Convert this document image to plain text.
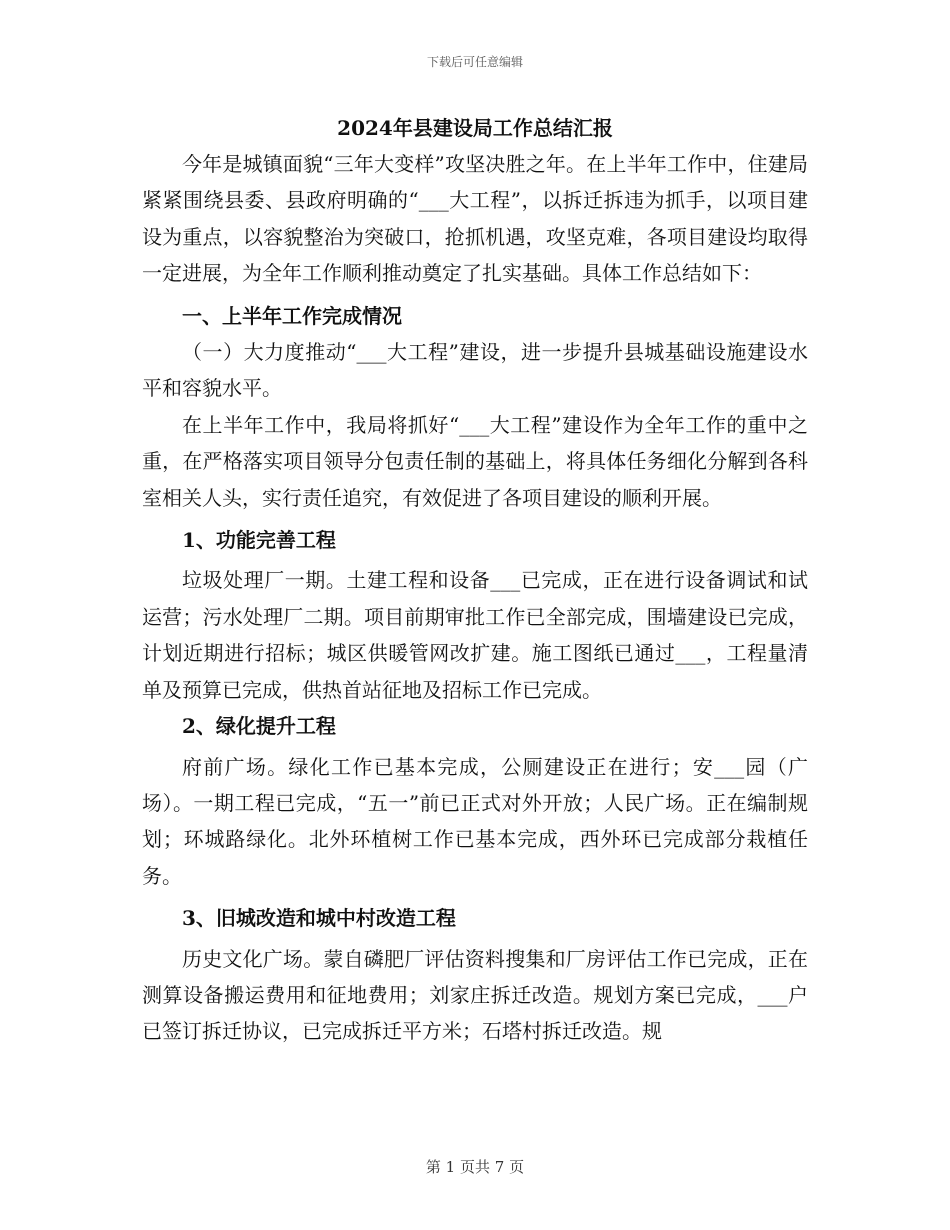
下载后可任意编辑
2024年县建设局工作总结汇报

今年是城镇面貌“三年大变样”攻坚决胜之年。在上半年工作中，住建局紧紧围绕县委、县政府明确的“___大工程”，以拆迁拆违为抓手，以项目建设为重点，以容貌整治为突破口，抢抓机遇，攻坚克难，各项目建设均取得一定进展，为全年工作顺利推动奠定了扎实基础。具体工作总结如下：

一、上半年工作完成情况

（一）大力度推动“___大工程”建设，进一步提升县城基础设施建设水平和容貌水平。

在上半年工作中，我局将抓好“___大工程”建设作为全年工作的重中之重，在严格落实项目领导分包责任制的基础上，将具体任务细化分解到各科室相关人头，实行责任追究，有效促进了各项目建设的顺利开展。

1、功能完善工程

垃圾处理厂一期。土建工程和设备___已完成，正在进行设备调试和试运营；污水处理厂二期。项目前期审批工作已全部完成，围墙建设已完成，计划近期进行招标；城区供暖管网改扩建。施工图纸已通过___，工程量清单及预算已完成，供热首站征地及招标工作已完成。

2、绿化提升工程

府前广场。绿化工作已基本完成，公厕建设正在进行；安___园（广场）。一期工程已完成，“五一”前已正式对外开放；人民广场。正在编制规划；环城路绿化。北外环植树工作已基本完成，西外环已完成部分栽植任务。

3、旧城改造和城中村改造工程

历史文化广场。蒙自磷肥厂评估资料搜集和厂房评估工作已完成，正在测算设备搬运费用和征地费用；刘家庄拆迁改造。规划方案已完成，___户已签订拆迁协议，已完成拆迁平方米；石塔村拆迁改造。规

第 1 页共 7 页
